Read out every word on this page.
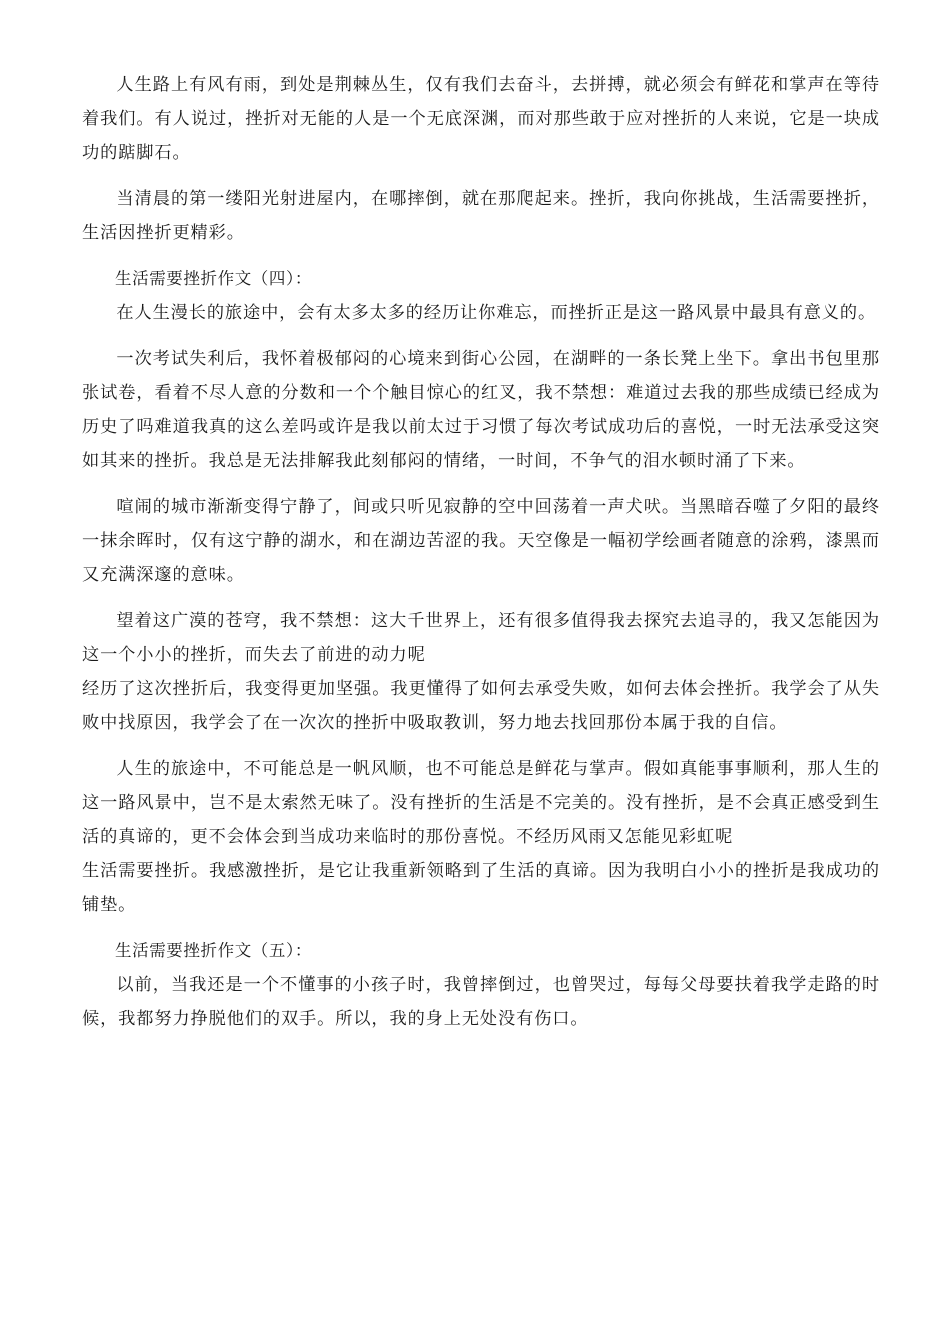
人生路上有风有雨，到处是荆棘丛生，仅有我们去奋斗，去拼搏，就必须会有鲜花和掌声在等待着我们。有人说过，挫折对无能的人是一个无底深渊，而对那些敢于应对挫折的人来说，它是一块成功的踮脚石。

当清晨的第一缕阳光射进屋内，在哪摔倒，就在那爬起来。挫折，我向你挑战，生活需要挫折，生活因挫折更精彩。

生活需要挫折作文（四）：

在人生漫长的旅途中，会有太多太多的经历让你难忘，而挫折正是这一路风景中最具有意义的。

一次考试失利后，我怀着极郁闷的心境来到街心公园，在湖畔的一条长凳上坐下。拿出书包里那张试卷，看着不尽人意的分数和一个个触目惊心的红叉，我不禁想：难道过去我的那些成绩已经成为历史了吗难道我真的这么差吗或许是我以前太过于习惯了每次考试成功后的喜悦，一时无法承受这突如其来的挫折。我总是无法排解我此刻郁闷的情绪，一时间，不争气的泪水顿时涌了下来。

喧闹的城市渐渐变得宁静了，间或只听见寂静的空中回荡着一声犬吠。当黑暗吞噬了夕阳的最终一抹余晖时，仅有这宁静的湖水，和在湖边苦涩的我。天空像是一幅初学绘画者随意的涂鸦，漆黑而又充满深邃的意味。

望着这广漠的苍穹，我不禁想：这大千世界上，还有很多值得我去探究去追寻的，我又怎能因为这一个小小的挫折，而失去了前进的动力呢

经历了这次挫折后，我变得更加坚强。我更懂得了如何去承受失败，如何去体会挫折。我学会了从失败中找原因，我学会了在一次次的挫折中吸取教训，努力地去找回那份本属于我的自信。

人生的旅途中，不可能总是一帆风顺，也不可能总是鲜花与掌声。假如真能事事顺利，那人生的这一路风景中，岂不是太索然无味了。没有挫折的生活是不完美的。没有挫折，是不会真正感受到生活的真谛的，更不会体会到当成功来临时的那份喜悦。不经历风雨又怎能见彩虹呢

生活需要挫折。我感激挫折，是它让我重新领略到了生活的真谛。因为我明白小小的挫折是我成功的铺垫。

生活需要挫折作文（五）：

以前，当我还是一个不懂事的小孩子时，我曾摔倒过，也曾哭过，每每父母要扶着我学走路的时候，我都努力挣脱他们的双手。所以，我的身上无处没有伤口。
